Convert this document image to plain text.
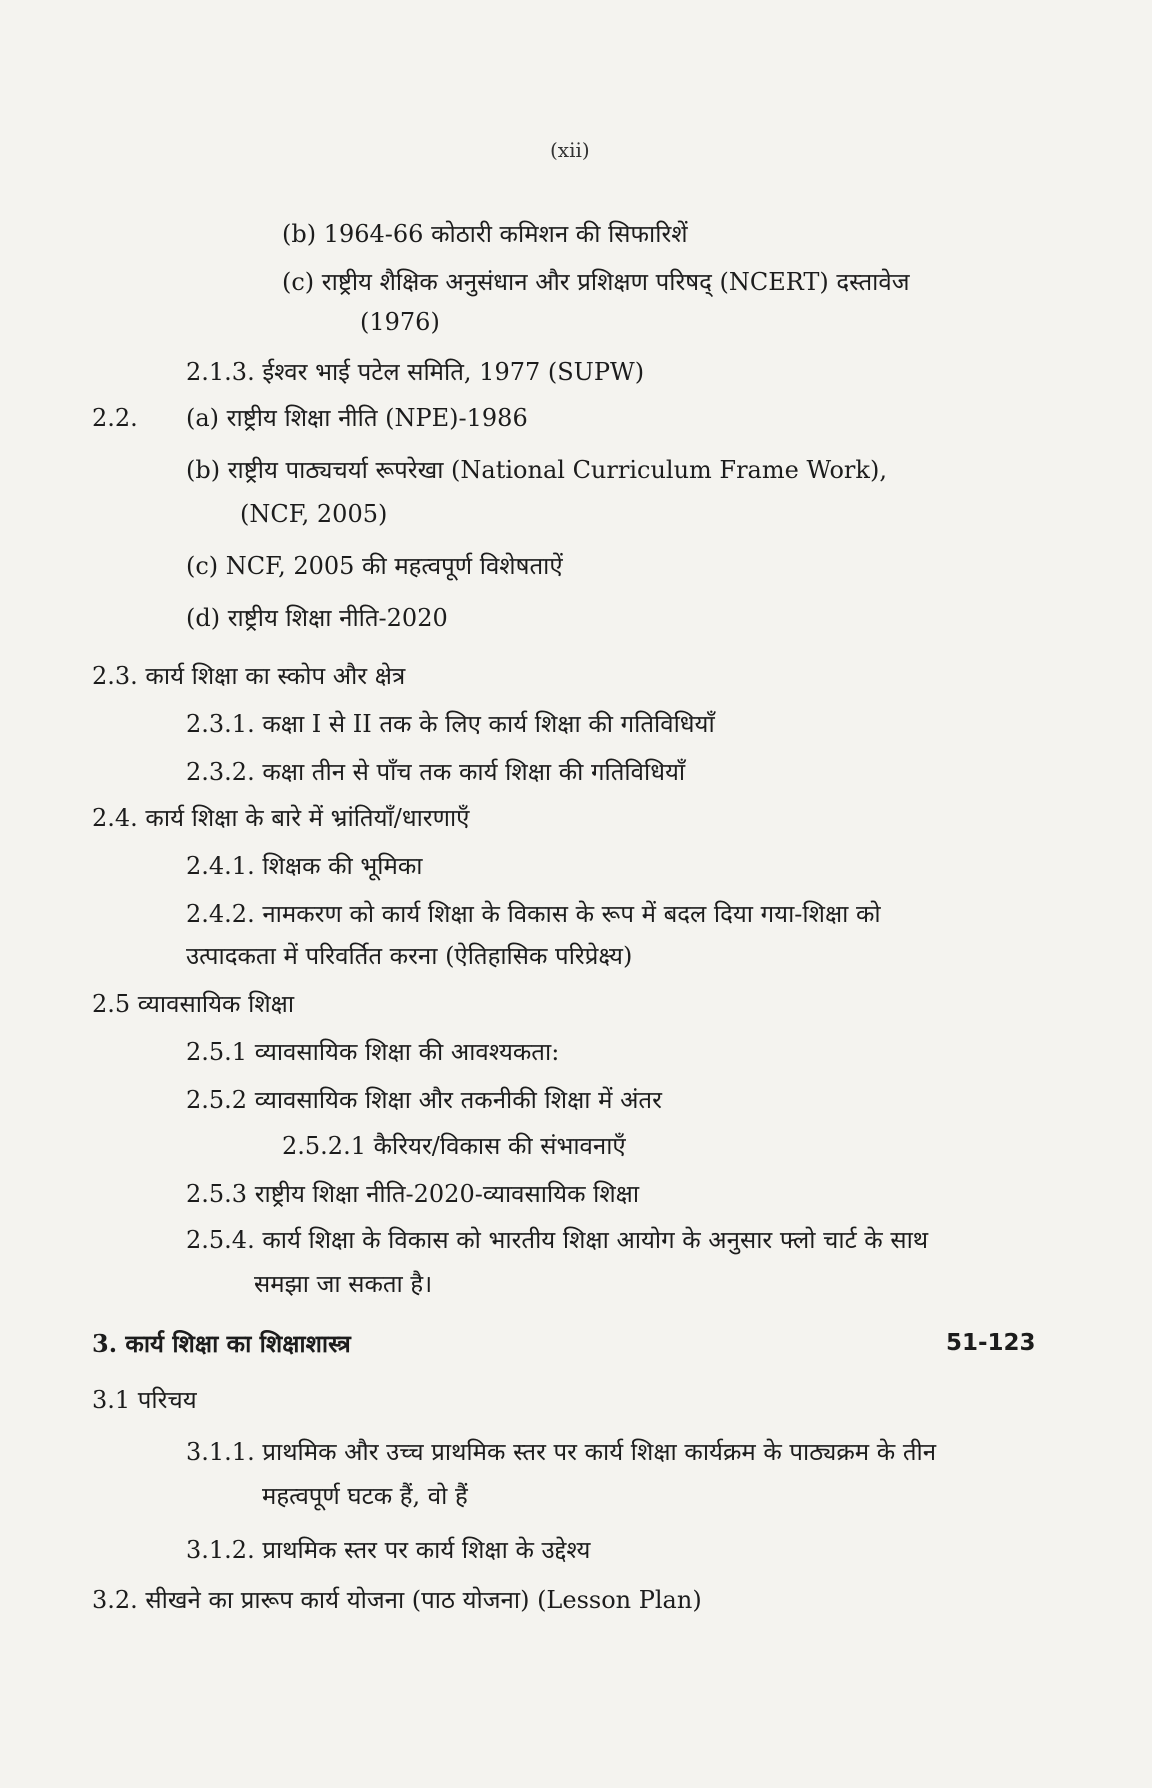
(xii)
(b) 1964-66 कोठारी कमिशन की सिफारिशें
(c) राष्ट्रीय शैक्षिक अनुसंधान और प्रशिक्षण परिषद् (NCERT) दस्तावेज
(1976)
2.1.3. ईश्वर भाई पटेल समिति, 1977 (SUPW)
2.2. (a) राष्ट्रीय शिक्षा नीति (NPE)-1986
(b) राष्ट्रीय पाठ्यचर्या रूपरेखा (National Curriculum Frame Work),
(NCF, 2005)
(c) NCF, 2005 की महत्वपूर्ण विशेषताऐं
(d) राष्ट्रीय शिक्षा नीति-2020
2.3. कार्य शिक्षा का स्कोप और क्षेत्र
2.3.1. कक्षा I से II तक के लिए कार्य शिक्षा की गतिविधियाँ
2.3.2. कक्षा तीन से पाँच तक कार्य शिक्षा की गतिविधियाँ
2.4. कार्य शिक्षा के बारे में भ्रांतियाँ/धारणाएँ
2.4.1. शिक्षक की भूमिका
2.4.2. नामकरण को कार्य शिक्षा के विकास के रूप में बदल दिया गया-शिक्षा को
उत्पादकता में परिवर्तित करना (ऐतिहासिक परिप्रेक्ष्य)
2.5 व्यावसायिक शिक्षा
2.5.1 व्यावसायिक शिक्षा की आवश्यकता:
2.5.2 व्यावसायिक शिक्षा और तकनीकी शिक्षा में अंतर
2.5.2.1 कैरियर/विकास की संभावनाएँ
2.5.3 राष्ट्रीय शिक्षा नीति-2020-व्यावसायिक शिक्षा
2.5.4. कार्य शिक्षा के विकास को भारतीय शिक्षा आयोग के अनुसार फ्लो चार्ट के साथ
समझा जा सकता है।
3. कार्य शिक्षा का शिक्षाशास्त्र	51-123
3.1 परिचय
3.1.1. प्राथमिक और उच्च प्राथमिक स्तर पर कार्य शिक्षा कार्यक्रम के पाठ्यक्रम के तीन
महत्वपूर्ण घटक हैं, वो हैं
3.1.2. प्राथमिक स्तर पर कार्य शिक्षा के उद्देश्य
3.2. सीखने का प्रारूप कार्य योजना (पाठ योजना) (Lesson Plan)
